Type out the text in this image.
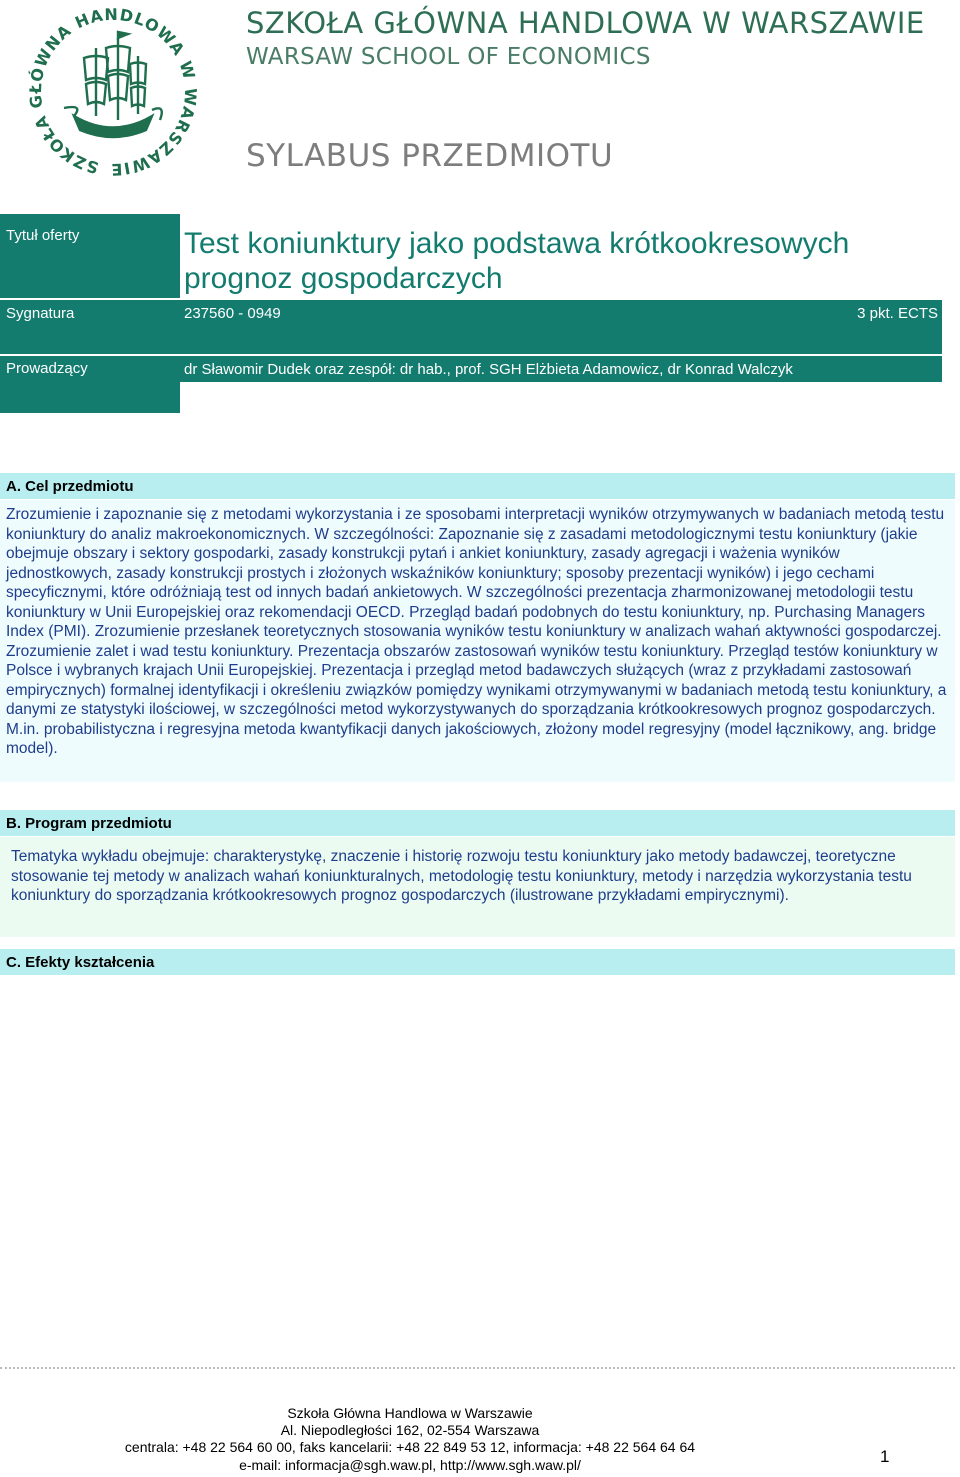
SZKOŁA GŁÓWNA HANDLOWA W WARSZAWIE
SZKOŁA GŁÓWNA HANDLOWA W WARSZAWIE
WARSAW SCHOOL OF ECONOMICS
SYLABUS PRZEDMIOTU
Tytuł oferty	Test koniunktury jako podstawa krótkookresowych prognoz gospodarczych
Sygnatura	237560 - 0949	3 pkt. ECTS
Prowadzący	dr Sławomir Dudek oraz zespół: dr hab., prof. SGH Elżbieta Adamowicz, dr Konrad Walczyk
A. Cel przedmiotu
Zrozumienie i zapoznanie się z metodami wykorzystania i ze sposobami interpretacji wyników otrzymywanych w badaniach metodą testu koniunktury do analiz makroekonomicznych. W szczególności: Zapoznanie się z zasadami metodologicznymi testu koniunktury (jakie obejmuje obszary i sektory gospodarki, zasady konstrukcji pytań i ankiet koniunktury, zasady agregacji i ważenia wyników jednostkowych, zasady konstrukcji prostych i złożonych wskaźników koniunktury; sposoby prezentacji wyników) i jego cechami specyficznymi, które odróżniają test od innych badań ankietowych. W szczególności prezentacja zharmonizowanej metodologii testu koniunktury w Unii Europejskiej oraz rekomendacji OECD. Przegląd badań podobnych do testu koniunktury, np. Purchasing Managers Index (PMI). Zrozumienie przesłanek teoretycznych stosowania wyników testu koniunktury w analizach wahań aktywności gospodarczej. Zrozumienie zalet i wad testu koniunktury. Prezentacja obszarów zastosowań wyników testu koniunktury. Przegląd testów koniunktury w Polsce i wybranych krajach Unii Europejskiej. Prezentacja i przegląd metod badawczych służących (wraz z przykładami zastosowań empirycznych) formalnej identyfikacji i określeniu związków pomiędzy wynikami otrzymywanymi w badaniach metodą testu koniunktury, a danymi ze statystyki ilościowej, w szczególności metod wykorzystywanych do sporządzania krótkookresowych prognoz gospodarczych. M.in. probabilistyczna i regresyjna metoda kwantyfikacji danych jakościowych, złożony model regresyjny (model łącznikowy, ang. bridge model).
B. Program przedmiotu
Tematyka wykładu obejmuje: charakterystykę, znaczenie i historię rozwoju testu koniunktury jako metody badawczej, teoretyczne stosowanie tej metody w analizach wahań koniunkturalnych, metodologię testu koniunktury, metody i narzędzia wykorzystania testu koniunktury do sporządzania krótkookresowych prognoz gospodarczych (ilustrowane przykładami empirycznymi).
C. Efekty kształcenia
Szkoła Główna Handlowa w Warszawie
Al. Niepodległości 162, 02-554 Warszawa
centrala: +48 22 564 60 00, faks kancelarii: +48 22 849 53 12, informacja: +48 22 564 64 64
e-mail: informacja@sgh.waw.pl, http://www.sgh.waw.pl/	1
